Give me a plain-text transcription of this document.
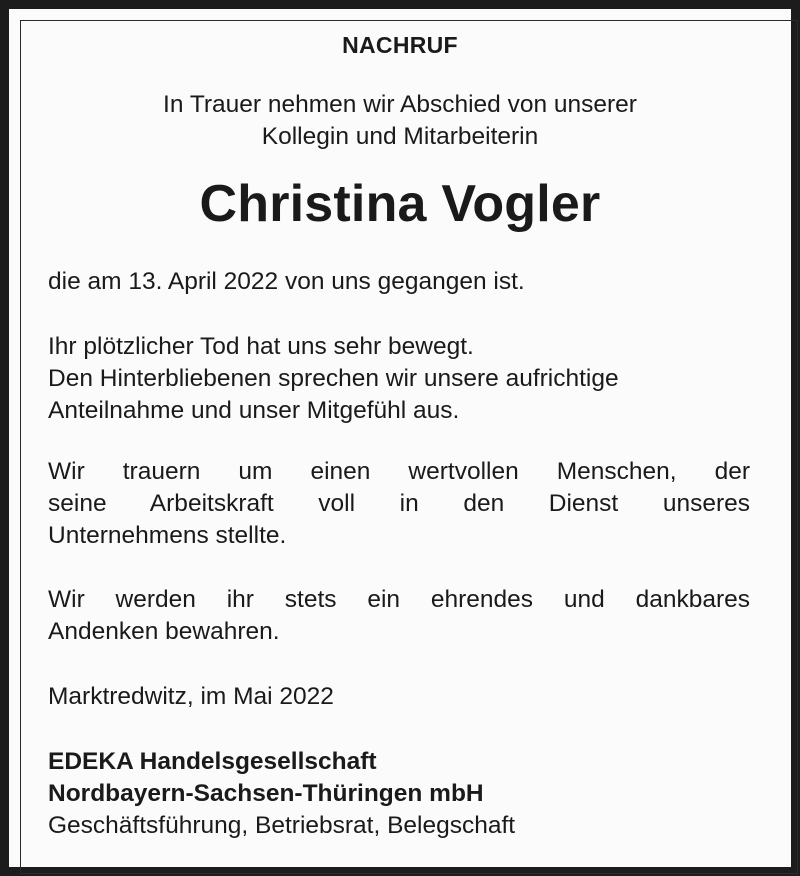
NACHRUF
In Trauer nehmen wir Abschied von unserer
Kollegin und Mitarbeiterin
Christina Vogler
die am 13. April 2022 von uns gegangen ist.
Ihr plötzlicher Tod hat uns sehr bewegt.
Den Hinterbliebenen sprechen wir unsere aufrichtige
Anteilnahme und unser Mitgefühl aus.
Wir trauern um einen wertvollen Menschen, der
seine Arbeitskraft voll in den Dienst unseres
Unternehmens stellte.
Wir werden ihr stets ein ehrendes und dankbares
Andenken bewahren.
Marktredwitz, im Mai 2022
EDEKA Handelsgesellschaft
Nordbayern-Sachsen-Thüringen mbH
Geschäftsführung, Betriebsrat, Belegschaft
